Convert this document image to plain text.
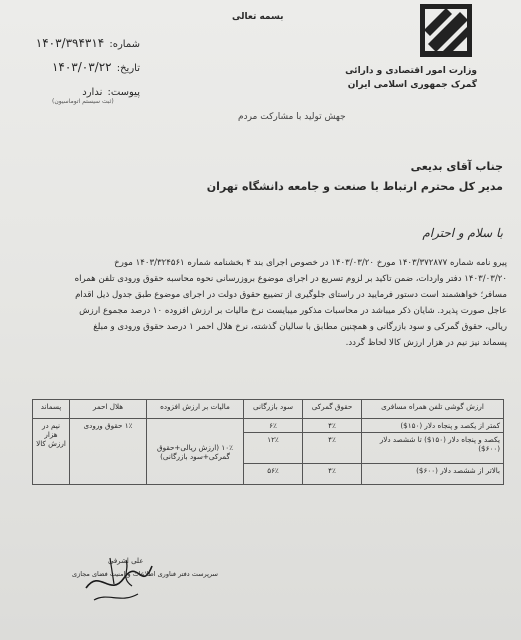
وزارت امور اقتصادی و دارائی
گمرک جمهوری اسلامی ایران
بسمه تعالی
شماره: ۱۴۰۳/۳۹۴۳۱۴
تاریخ: ۱۴۰۳/۰۳/۲۲
پیوست: ندارد
(ثبت سیستم اتوماسیون)
جهش تولید با مشارکت مردم
جناب آقای بدیعی
مدیر کل محترم ارتباط با صنعت و جامعه دانشگاه تهران
با سلام و احترام
پیرو نامه شماره ۱۴۰۳/۳۷۲۸۷۷ مورخ ۱۴۰۳/۰۳/۲۰ در خصوص اجرای بند ۴ بخشنامه شماره ۱۴۰۳/۳۲۴۵۶۱ مورخ
۱۴۰۳/۰۳/۲۰ دفتر واردات، ضمن تاکید بر لزوم تسریع در اجرای موضوع بروزرسانی نحوه محاسبه حقوق ورودی تلفن همراه
مسافر؛ خواهشمند است دستور فرمایید در راستای جلوگیری از تضییع حقوق دولت در اجرای موضوع طبق جدول ذیل اقدام
عاجل صورت پذیرد. شایان ذکر میباشد در محاسبات مذکور میبایست نرخ مالیات بر ارزش افزوده ۱۰ درصد مجموع ارزش
ریالی، حقوق گمرکی و سود بازرگانی و همچنین مطابق با سالیان گذشته، نرخ هلال احمر ۱ درصد حقوق ورودی و مبلغ
پسماند نیز نیم در هزار ارزش کالا لحاظ گردد.
ارزش گوشی تلفن همراه مسافری	حقوق گمرکی	سود بازرگانی	مالیات بر ارزش افزوده	هلال احمر	پسماند
کمتر از یکصد و پنجاه دلار (۱۵۰$)	۴٪	۶٪	۱۰٪ (ارزش ریالی+حقوق گمرکی+سود بازرگانی)	۱٪ حقوق ورودی	نیم در هزار ارزش کالا
یکصد و پنجاه دلار (۱۵۰$) تا ششصد دلار (۶۰۰$)	۴٪	۱۲٪			
بالاتر از ششصد دلار (۶۰۰$)	۴٪	۵۶٪			
علی اشرفی
سرپرست دفتر فناوری اطلاعات و امنیت فضای مجازی
